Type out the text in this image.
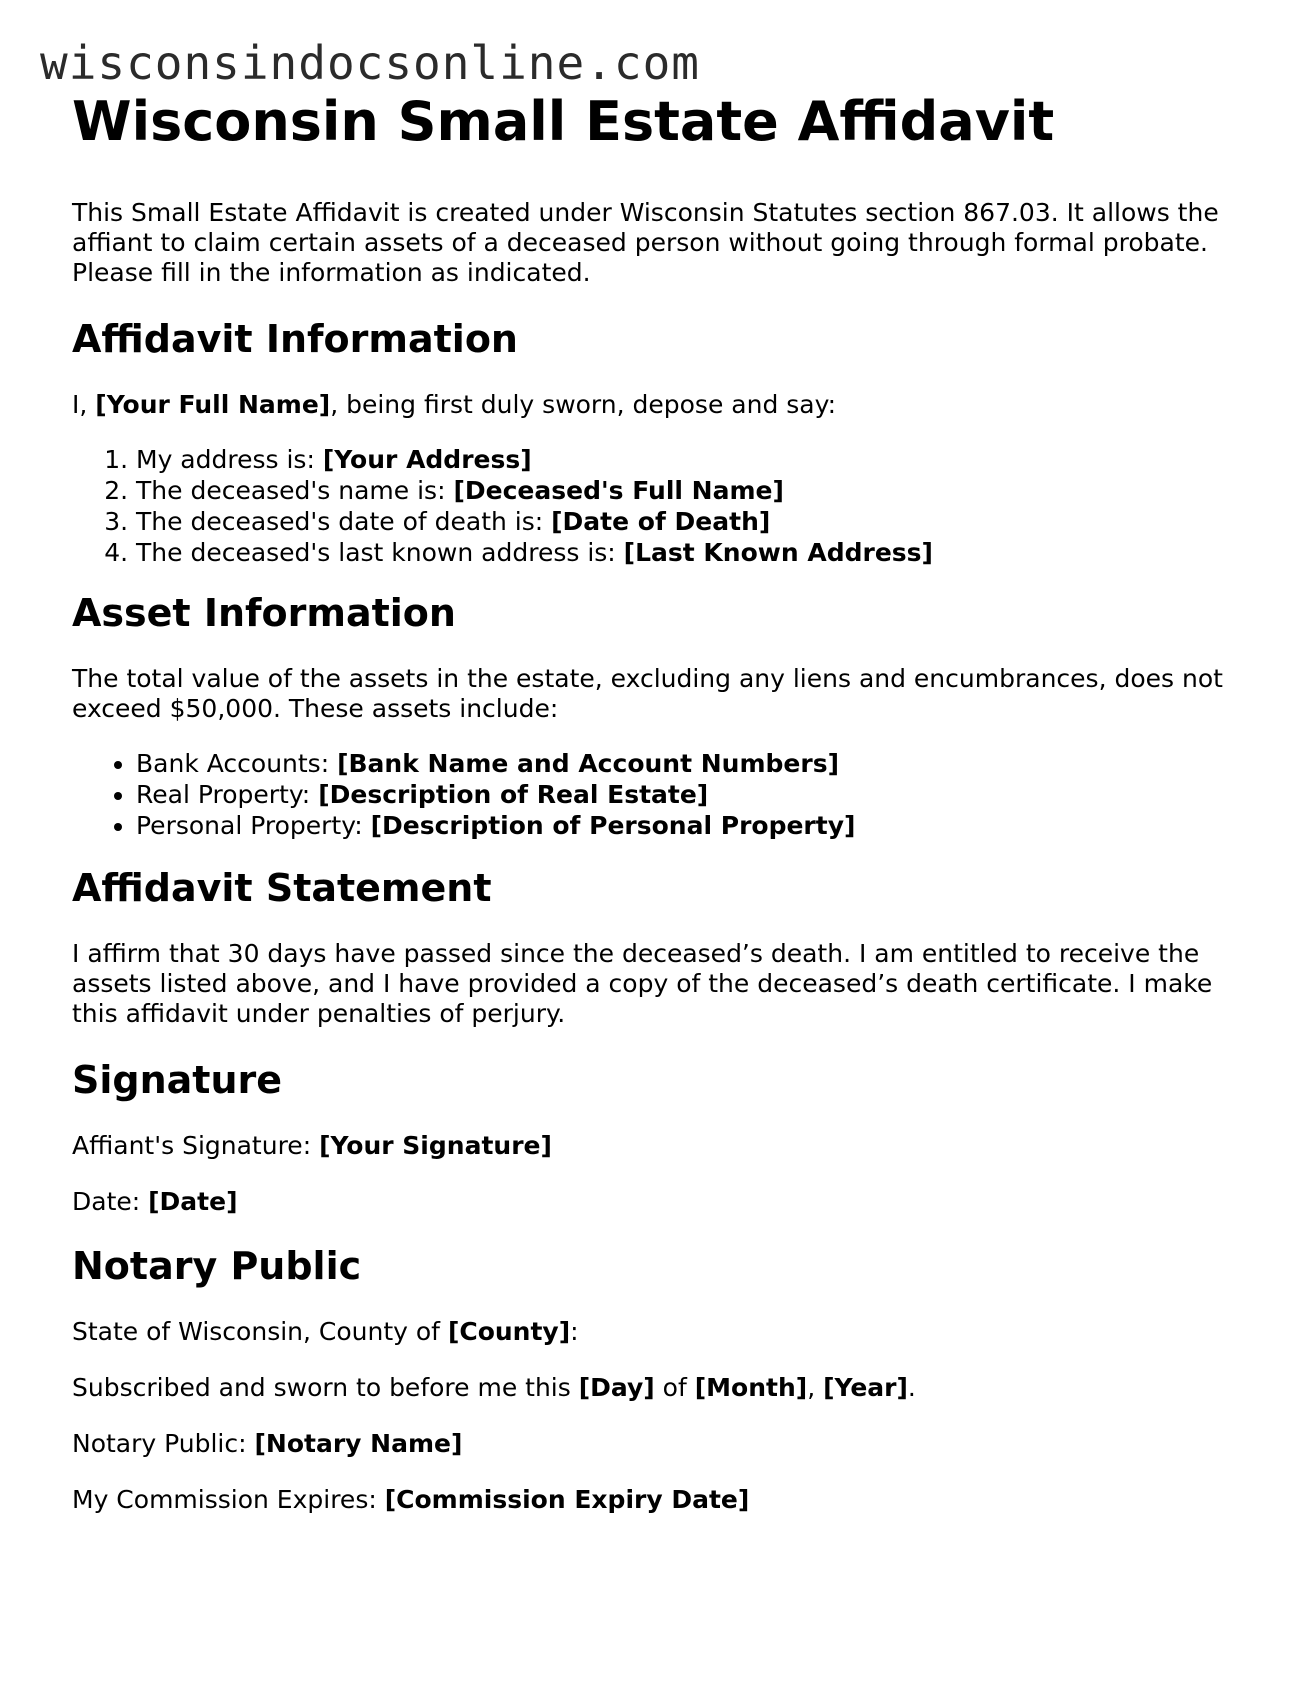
wisconsindocsonline.com
Wisconsin Small Estate Affidavit

This Small Estate Affidavit is created under Wisconsin Statutes section 867.03. It allows the affiant to claim certain assets of a deceased person without going through formal probate. Please fill in the information as indicated.

Affidavit Information

I, [Your Full Name], being first duly sworn, depose and say:

1. My address is: [Your Address]
2. The deceased's name is: [Deceased's Full Name]
3. The deceased's date of death is: [Date of Death]
4. The deceased's last known address is: [Last Known Address]
Asset Information

The total value of the assets in the estate, excluding any liens and encumbrances, does not exceed $50,000. These assets include:

• Bank Accounts: [Bank Name and Account Numbers]
• Real Property: [Description of Real Estate]
• Personal Property: [Description of Personal Property]
Affidavit Statement

I affirm that 30 days have passed since the deceased’s death. I am entitled to receive the assets listed above, and I have provided a copy of the deceased’s death certificate. I make this affidavit under penalties of perjury.

Signature

Affiant's Signature: [Your Signature]

Date: [Date]

Notary Public

State of Wisconsin, County of [County]:

Subscribed and sworn to before me this [Day] of [Month], [Year].

Notary Public: [Notary Name]

My Commission Expires: [Commission Expiry Date]
